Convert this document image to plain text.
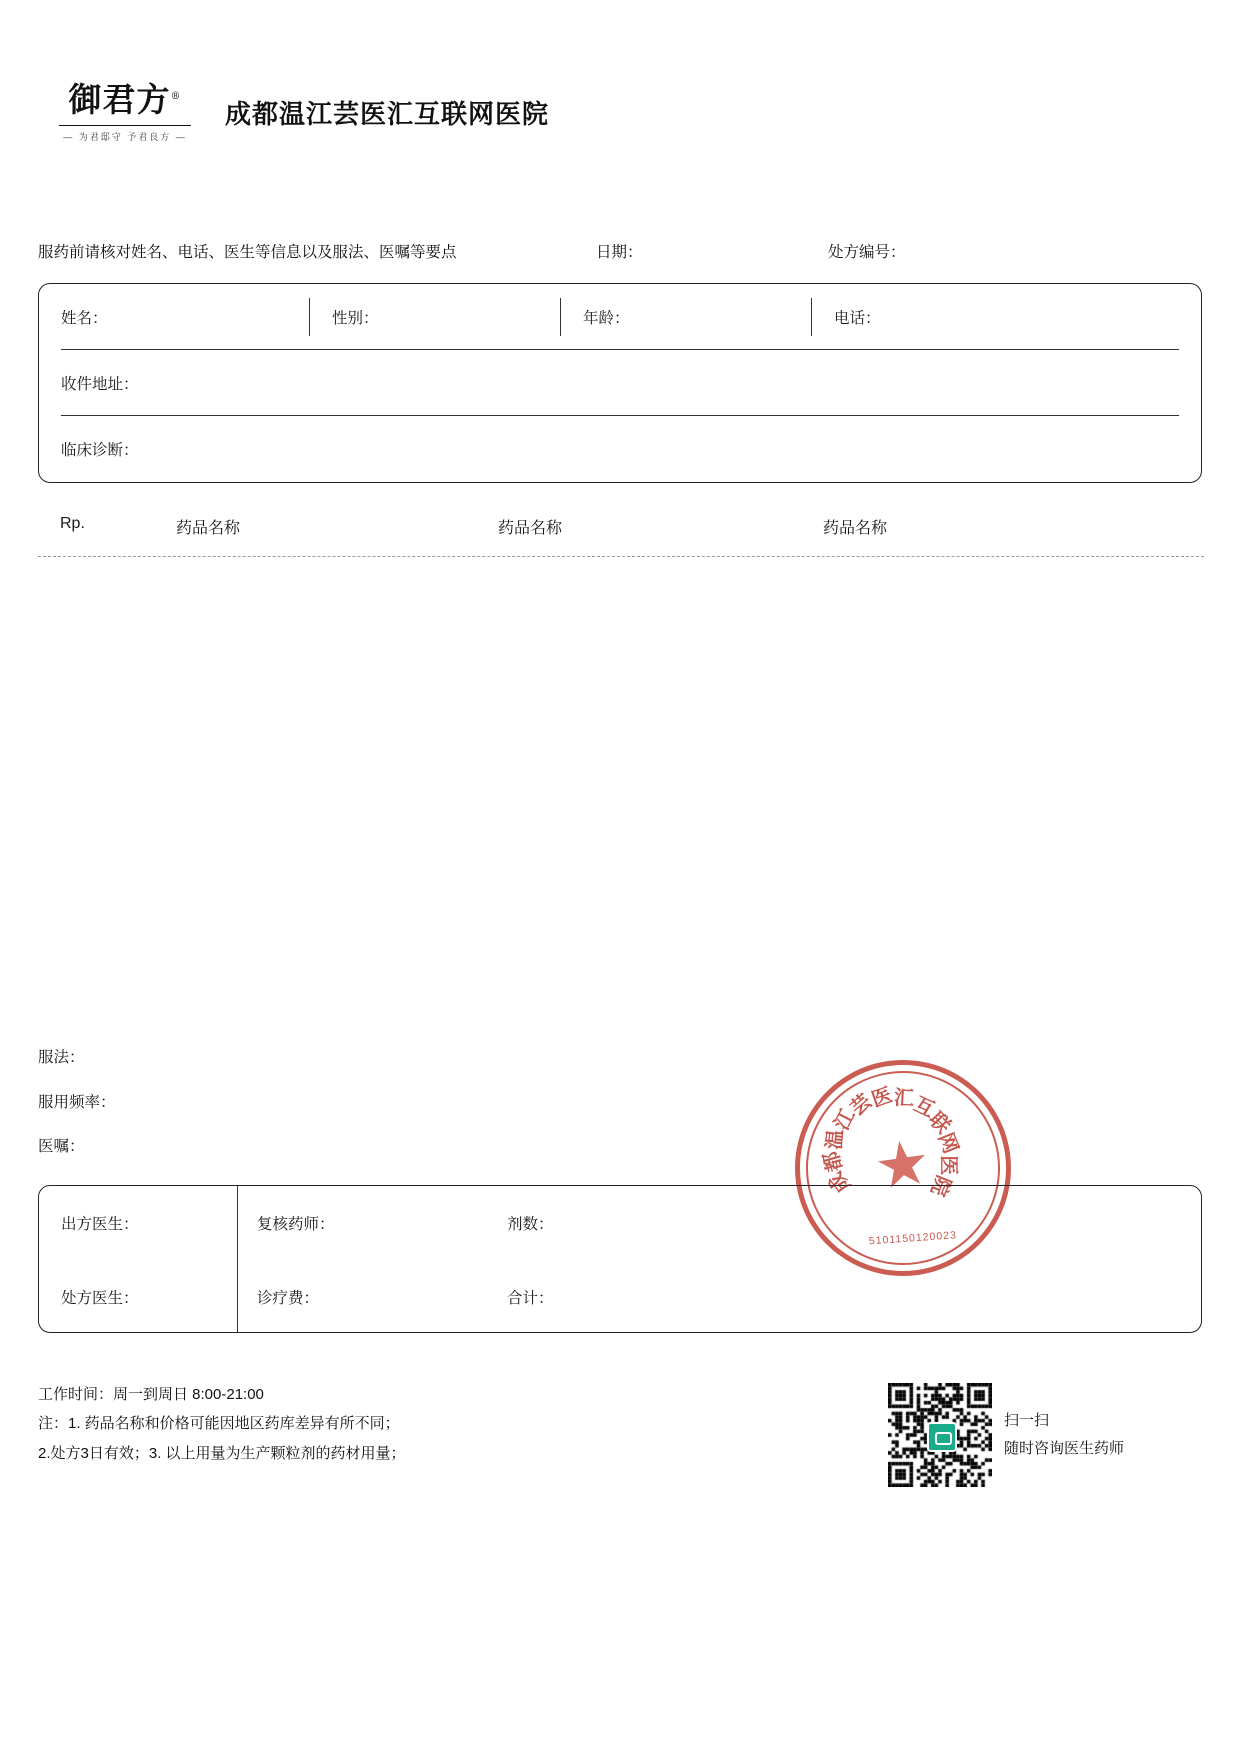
御君方®
— 为君邸守 予君良方 —
成都温江芸医汇互联网医院
服药前请核对姓名、电话、医生等信息以及服法、医嘱等要点	日期：	处方编号：
姓名：	性别：	年龄：	电话：
收件地址：
临床诊断：
Rp.	药品名称	药品名称	药品名称
服法：
服用频率：
医嘱：	★
成
都
温
江
芸
医
汇
互
联
网
医
院
5101150120023
出方医生：	复核药师：	剂数：
处方医生：	诊疗费：	合计：
工作时间：周一到周日 8:00-21:00
注：1. 药品名称和价格可能因地区药库差异有所不同；
2.处方3日有效；3. 以上用量为生产颗粒剂的药材用量；
扫一扫
随时咨询医生药师
